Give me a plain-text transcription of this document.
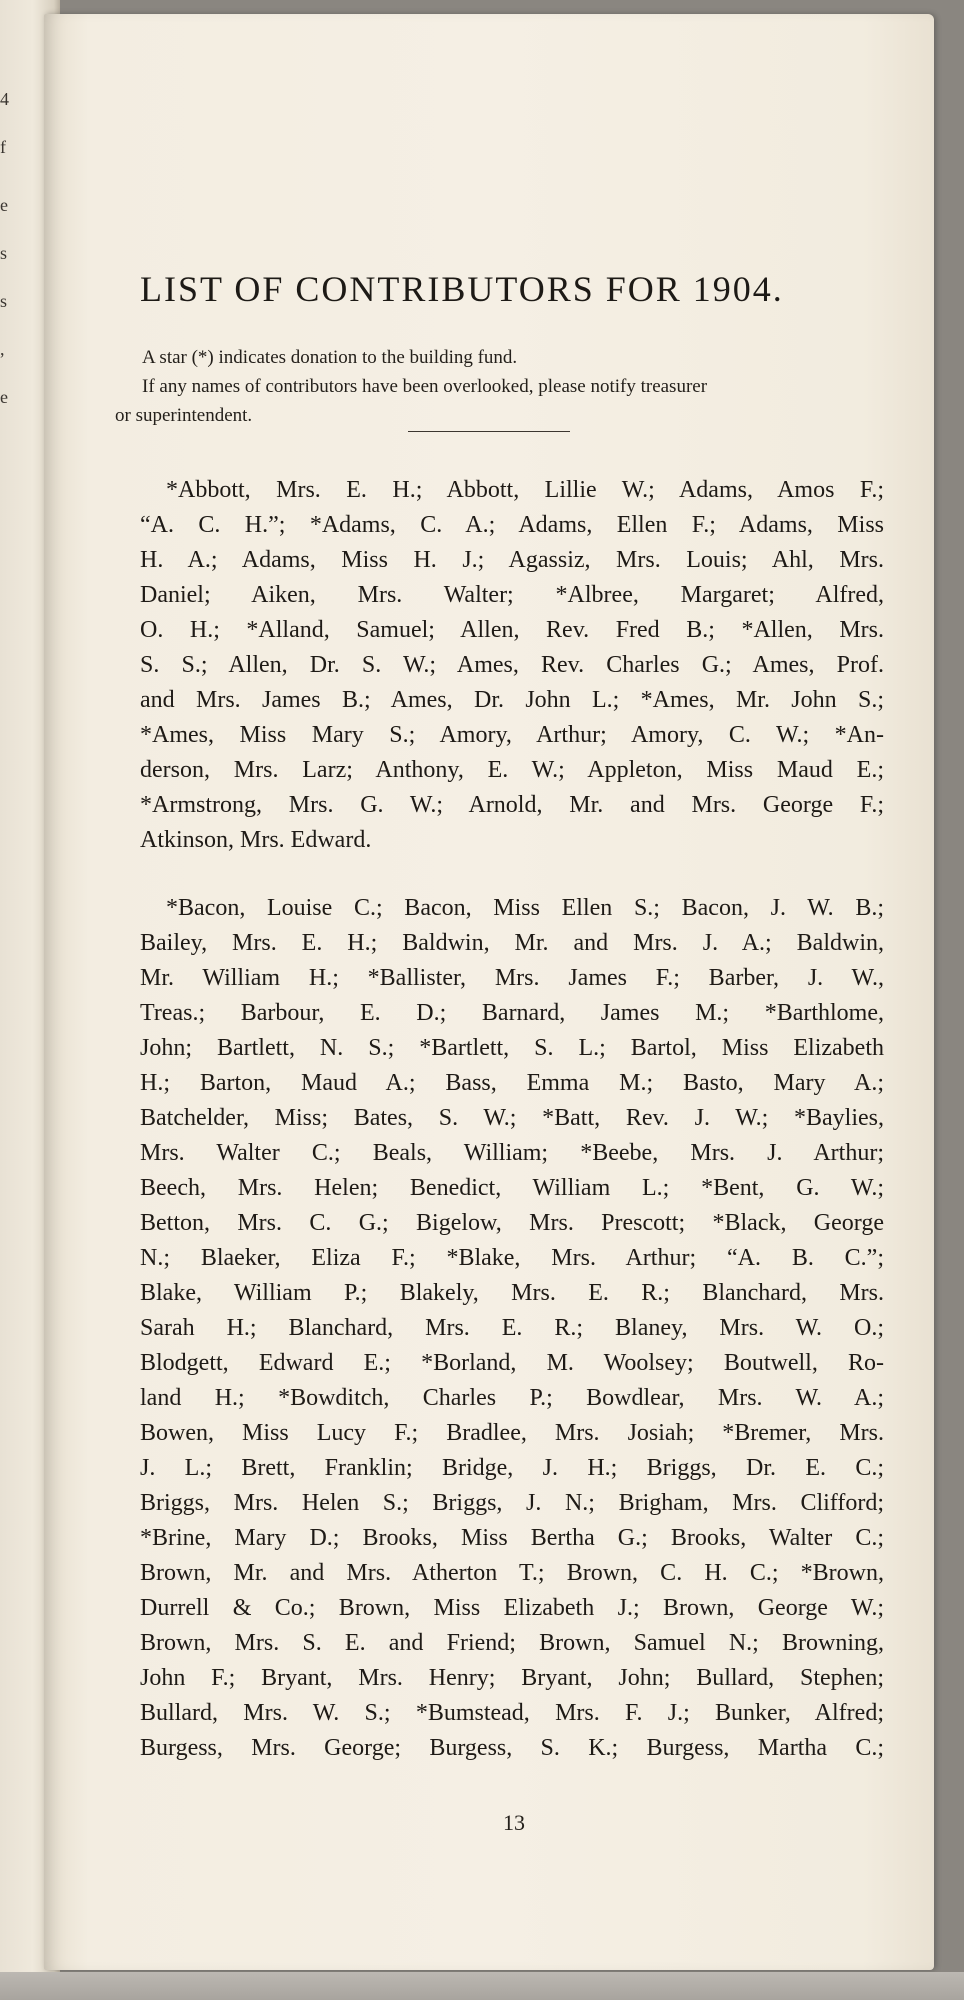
4
f
e
s
s
,
e
LIST OF CONTRIBUTORS FOR 1904.

A star (*) indicates donation to the building fund.

If any names of contributors have been overlooked, please notify treasurer

or superintendent.

*Abbott, Mrs. E. H.; Abbott, Lillie W.; Adams, Amos F.;
“A. C. H.”; *Adams, C. A.; Adams, Ellen F.; Adams, Miss
H. A.; Adams, Miss H. J.; Agassiz, Mrs. Louis; Ahl, Mrs.
Daniel; Aiken, Mrs. Walter; *Albree, Margaret; Alfred,
O. H.; *Alland, Samuel; Allen, Rev. Fred B.; *Allen, Mrs.
S. S.; Allen, Dr. S. W.; Ames, Rev. Charles G.; Ames, Prof.
and Mrs. James B.; Ames, Dr. John L.; *Ames, Mr. John S.;
*Ames, Miss Mary S.; Amory, Arthur; Amory, C. W.; *An-
derson, Mrs. Larz; Anthony, E. W.; Appleton, Miss Maud E.;
*Armstrong, Mrs. G. W.; Arnold, Mr. and Mrs. George F.;
Atkinson, Mrs. Edward.
*Bacon, Louise C.; Bacon, Miss Ellen S.; Bacon, J. W. B.;
Bailey, Mrs. E. H.; Baldwin, Mr. and Mrs. J. A.; Baldwin,
Mr. William H.; *Ballister, Mrs. James F.; Barber, J. W.,
Treas.; Barbour, E. D.; Barnard, James M.; *Barthlome,
John; Bartlett, N. S.; *Bartlett, S. L.; Bartol, Miss Elizabeth
H.; Barton, Maud A.; Bass, Emma M.; Basto, Mary A.;
Batchelder, Miss; Bates, S. W.; *Batt, Rev. J. W.; *Baylies,
Mrs. Walter C.; Beals, William; *Beebe, Mrs. J. Arthur;
Beech, Mrs. Helen; Benedict, William L.; *Bent, G. W.;
Betton, Mrs. C. G.; Bigelow, Mrs. Prescott; *Black, George
N.; Blaeker, Eliza F.; *Blake, Mrs. Arthur; “A. B. C.”;
Blake, William P.; Blakely, Mrs. E. R.; Blanchard, Mrs.
Sarah H.; Blanchard, Mrs. E. R.; Blaney, Mrs. W. O.;
Blodgett, Edward E.; *Borland, M. Woolsey; Boutwell, Ro-
land H.; *Bowditch, Charles P.; Bowdlear, Mrs. W. A.;
Bowen, Miss Lucy F.; Bradlee, Mrs. Josiah; *Bremer, Mrs.
J. L.; Brett, Franklin; Bridge, J. H.; Briggs, Dr. E. C.;
Briggs, Mrs. Helen S.; Briggs, J. N.; Brigham, Mrs. Clifford;
*Brine, Mary D.; Brooks, Miss Bertha G.; Brooks, Walter C.;
Brown, Mr. and Mrs. Atherton T.; Brown, C. H. C.; *Brown,
Durrell & Co.; Brown, Miss Elizabeth J.; Brown, George W.;
Brown, Mrs. S. E. and Friend; Brown, Samuel N.; Browning,
John F.; Bryant, Mrs. Henry; Bryant, John; Bullard, Stephen;
Bullard, Mrs. W. S.; *Bumstead, Mrs. F. J.; Bunker, Alfred;
Burgess, Mrs. George; Burgess, S. K.; Burgess, Martha C.;

13
